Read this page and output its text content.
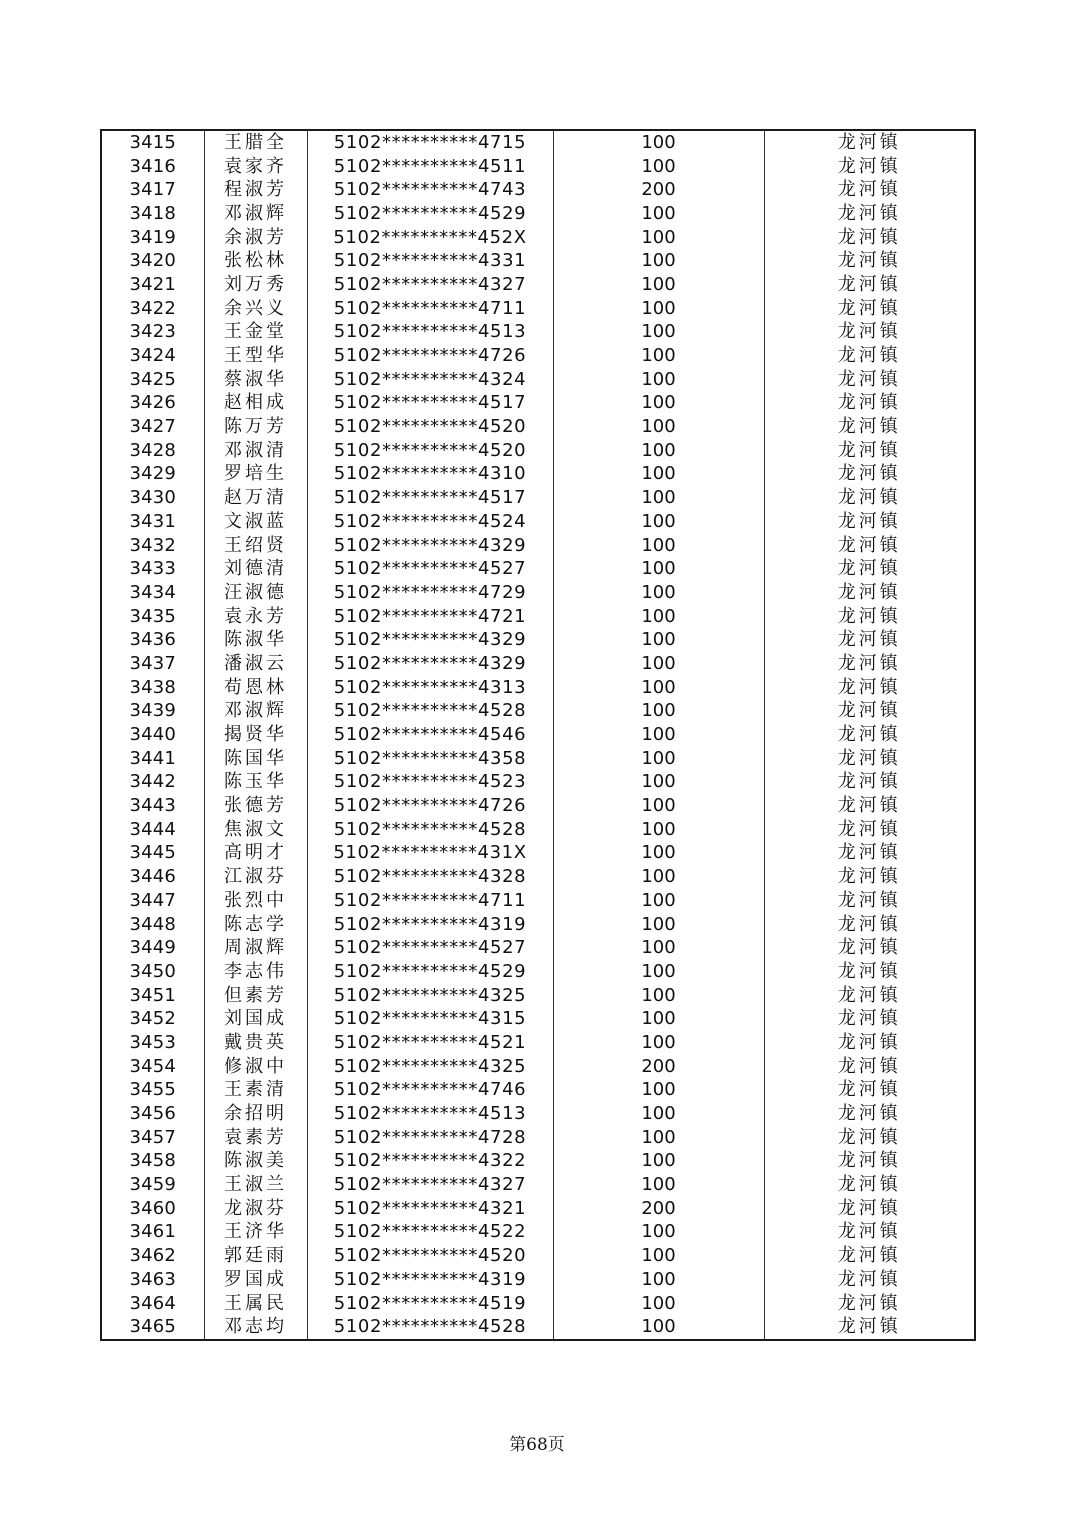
3415	王腊全	5102**********4715	100	龙河镇
3416	袁家齐	5102**********4511	100	龙河镇
3417	程淑芳	5102**********4743	200	龙河镇
3418	邓淑辉	5102**********4529	100	龙河镇
3419	余淑芳	5102**********452X	100	龙河镇
3420	张松林	5102**********4331	100	龙河镇
3421	刘万秀	5102**********4327	100	龙河镇
3422	余兴义	5102**********4711	100	龙河镇
3423	王金堂	5102**********4513	100	龙河镇
3424	王型华	5102**********4726	100	龙河镇
3425	蔡淑华	5102**********4324	100	龙河镇
3426	赵相成	5102**********4517	100	龙河镇
3427	陈万芳	5102**********4520	100	龙河镇
3428	邓淑清	5102**********4520	100	龙河镇
3429	罗培生	5102**********4310	100	龙河镇
3430	赵万清	5102**********4517	100	龙河镇
3431	文淑蓝	5102**********4524	100	龙河镇
3432	王绍贤	5102**********4329	100	龙河镇
3433	刘德清	5102**********4527	100	龙河镇
3434	汪淑德	5102**********4729	100	龙河镇
3435	袁永芳	5102**********4721	100	龙河镇
3436	陈淑华	5102**********4329	100	龙河镇
3437	潘淑云	5102**********4329	100	龙河镇
3438	苟恩林	5102**********4313	100	龙河镇
3439	邓淑辉	5102**********4528	100	龙河镇
3440	揭贤华	5102**********4546	100	龙河镇
3441	陈国华	5102**********4358	100	龙河镇
3442	陈玉华	5102**********4523	100	龙河镇
3443	张德芳	5102**********4726	100	龙河镇
3444	焦淑文	5102**********4528	100	龙河镇
3445	高明才	5102**********431X	100	龙河镇
3446	江淑芬	5102**********4328	100	龙河镇
3447	张烈中	5102**********4711	100	龙河镇
3448	陈志学	5102**********4319	100	龙河镇
3449	周淑辉	5102**********4527	100	龙河镇
3450	李志伟	5102**********4529	100	龙河镇
3451	但素芳	5102**********4325	100	龙河镇
3452	刘国成	5102**********4315	100	龙河镇
3453	戴贵英	5102**********4521	100	龙河镇
3454	修淑中	5102**********4325	200	龙河镇
3455	王素清	5102**********4746	100	龙河镇
3456	余招明	5102**********4513	100	龙河镇
3457	袁素芳	5102**********4728	100	龙河镇
3458	陈淑美	5102**********4322	100	龙河镇
3459	王淑兰	5102**********4327	100	龙河镇
3460	龙淑芬	5102**********4321	200	龙河镇
3461	王济华	5102**********4522	100	龙河镇
3462	郭廷雨	5102**********4520	100	龙河镇
3463	罗国成	5102**********4319	100	龙河镇
3464	王属民	5102**********4519	100	龙河镇
3465	邓志均	5102**********4528	100	龙河镇
第68页
